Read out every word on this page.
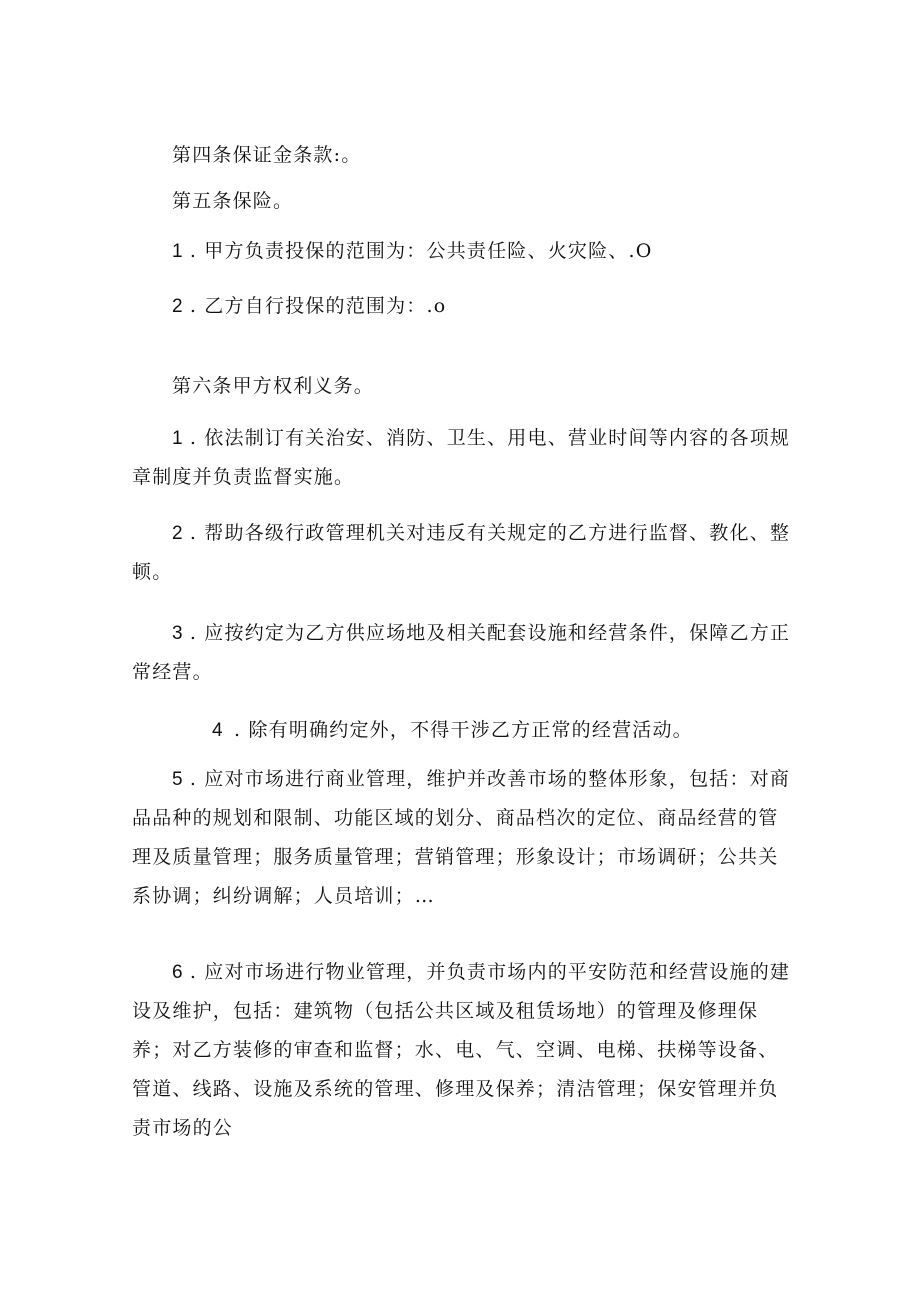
第四条保证金条款:。

第五条保险。

1 . 甲方负责投保的范围为：公共责任险、火灾险、.O

2 . 乙方自行投保的范围为：.o

第六条甲方权利义务。

1 . 依法制订有关治安、消防、卫生、用电、营业时间等内容的各项规章制度并负责监督实施。

2 . 帮助各级行政管理机关对违反有关规定的乙方进行监督、教化、整顿。

3 . 应按约定为乙方供应场地及相关配套设施和经营条件，保障乙方正常经营。

4 . 除有明确约定外，不得干涉乙方正常的经营活动。

5 . 应对市场进行商业管理，维护并改善市场的整体形象，包括：对商品品种的规划和限制、功能区域的划分、商品档次的定位、商品经营的管理及质量管理；服务质量管理；营销管理；形象设计；市场调研；公共关系协调；纠纷调解；人员培训；…

6 . 应对市场进行物业管理，并负责市场内的平安防范和经营设施的建设及维护，包括：建筑物（包括公共区域及租赁场地）的管理及修理保养；对乙方装修的审查和监督；水、电、气、空调、电梯、扶梯等设备、管道、线路、设施及系统的管理、修理及保养；清洁管理；保安管理并负责市场的公
